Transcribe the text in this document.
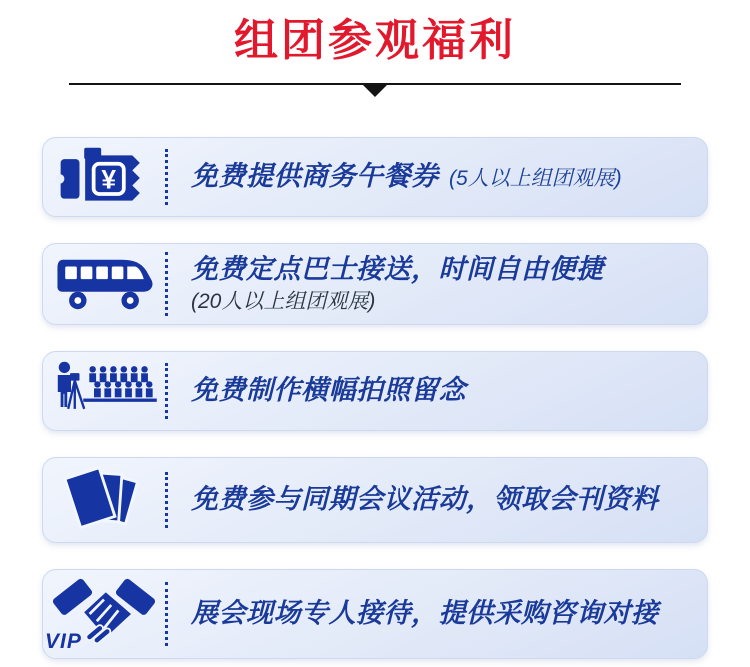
组团参观福利
¥	免费提供商务午餐券 (5人以上组团观展)
免费定点巴士接送，时间自由便捷
(20人以上组团观展)
免费制作横幅拍照留念
免费参与同期会议活动，领取会刊资料
VIP
展会现场专人接待，提供采购咨询对接
